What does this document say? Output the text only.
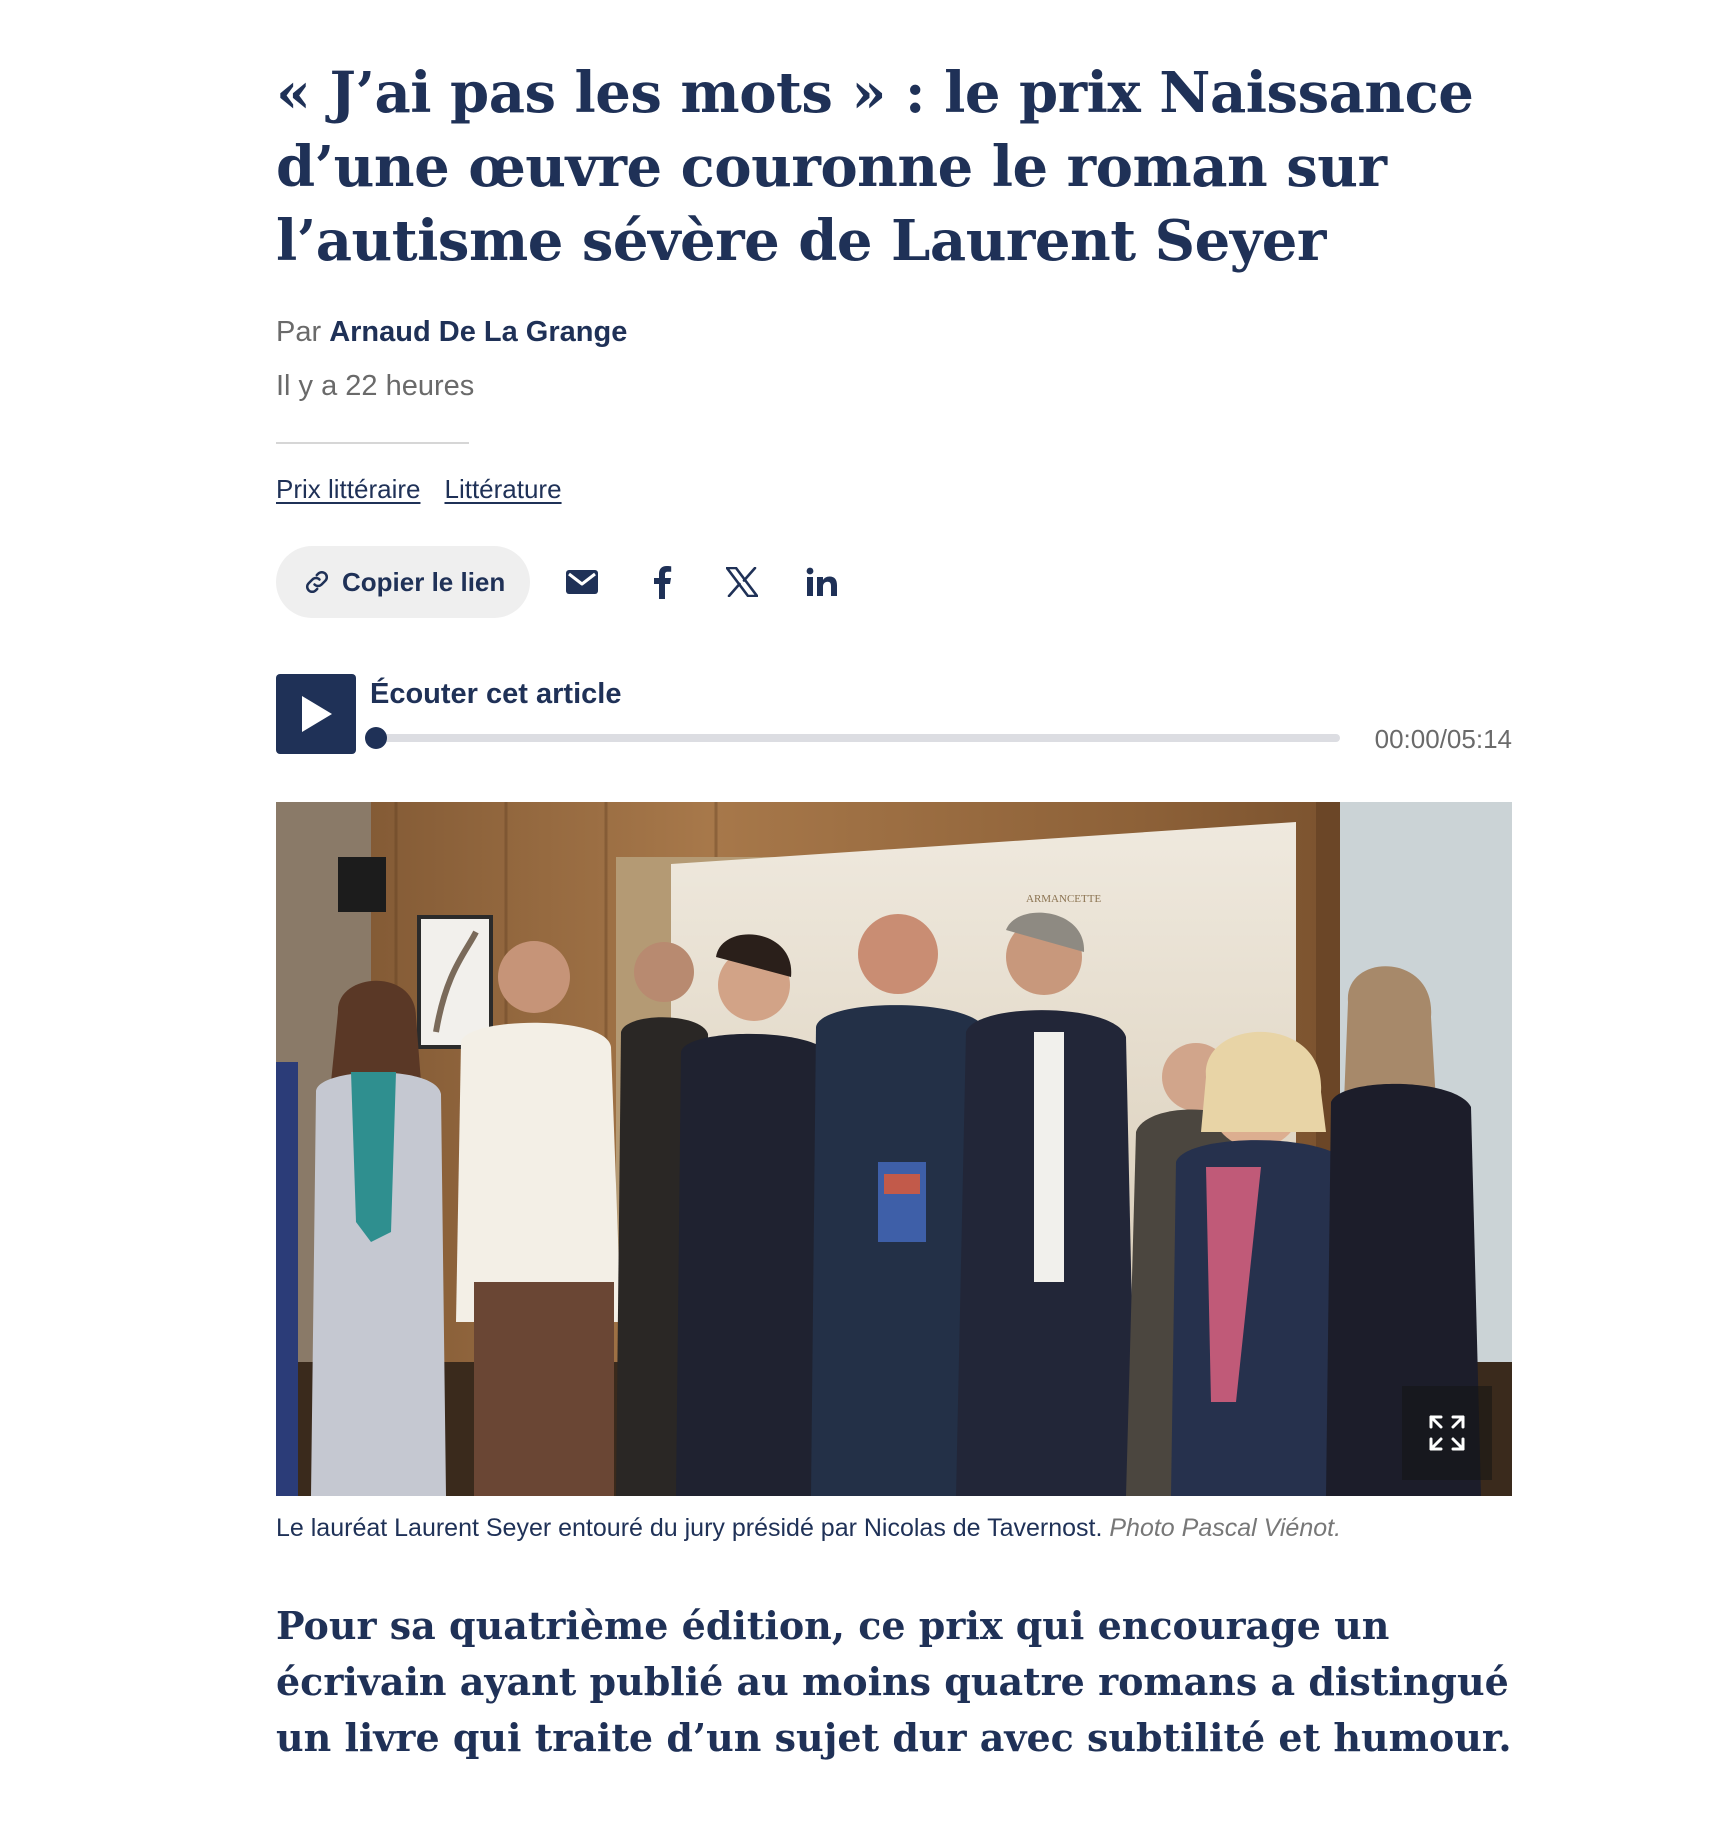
« J’ai pas les mots » : le prix Naissance d’une œuvre couronne le roman sur l’autisme sévère de Laurent Seyer
Par Arnaud De La Grange
Il y a 22 heures
Prix littéraire Littérature
Copier le lien
Écouter cet article
00:00/05:14
ARMANCETTE
Le lauréat Laurent Seyer entouré du jury présidé par Nicolas de Tavernost. Photo Pascal Viénot.

Pour sa quatrième édition, ce prix qui encourage un écrivain ayant publié au moins quatre romans a distingué un livre qui traite d’un sujet dur avec subtilité et humour.
